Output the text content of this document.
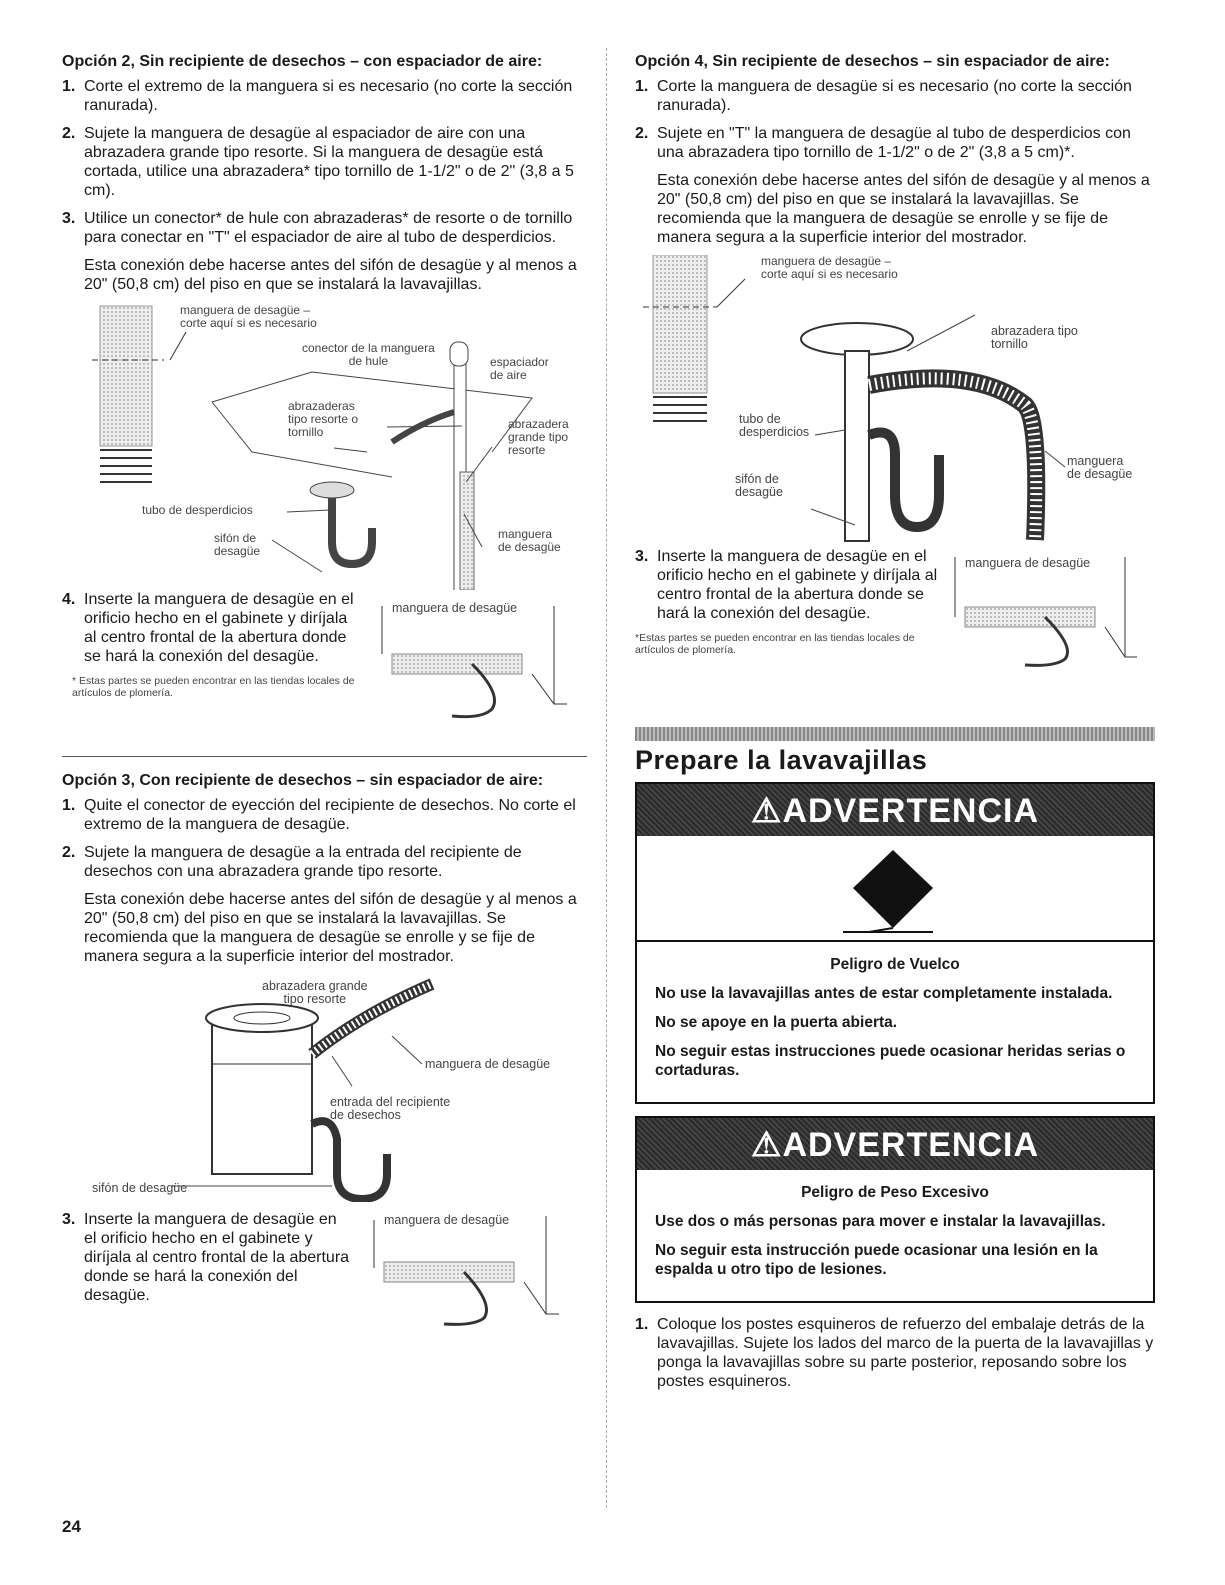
Opción 2, Sin recipiente de desechos – con espaciador de aire:
1. Corte el extremo de la manguera si es necesario (no corte la sección ranurada).
2. Sujete la manguera de desagüe al espaciador de aire con una abrazadera grande tipo resorte. Si la manguera de desagüe está cortada, utilice una abrazadera* tipo tornillo de 1-1/2" o de 2" (3,8 a 5 cm).
3. Utilice un conector* de hule con abrazaderas* de resorte o de tornillo para conectar en "T" el espaciador de aire al tubo de desperdicios.

Esta conexión debe hacerse antes del sifón de desagüe y al menos a 20" (50,8 cm) del piso en que se instalará la lavavajillas.

manguera de desagüe –
corte aquí si es necesario
conector de la manguera
de hule	espaciador
de aire
abrazaderas
tipo resorte o
tornillo
abrazadera
grande tipo
resorte
tubo de desperdicios
sifón de
desagüe
manguera
de desagüe
4. Inserte la manguera de desagüe en el orificio hecho en el gabinete y diríjala al centro frontal de la abertura donde se hará la conexión del desagüe.
* Estas partes se pueden encontrar en las tiendas locales de artículos de plomería.
manguera de desagüe
Opción 3, Con recipiente de desechos – sin espaciador de aire:
1. Quite el conector de eyección del recipiente de desechos. No corte el extremo de la manguera de desagüe.
2. Sujete la manguera de desagüe a la entrada del recipiente de desechos con una abrazadera grande tipo resorte.

Esta conexión debe hacerse antes del sifón de desagüe y al menos a 20" (50,8 cm) del piso en que se instalará la lavavajillas. Se recomienda que la manguera de desagüe se enrolle y se fije de manera segura a la superficie interior del mostrador.

abrazadera grande
tipo resorte
manguera de desagüe
entrada del recipiente
de desechos
sifón de desagüe
3. Inserte la manguera de desagüe en el orificio hecho en el gabinete y diríjala al centro frontal de la abertura donde se hará la conexión del desagüe.
manguera de desagüe
Opción 4, Sin recipiente de desechos – sin espaciador de aire:
1. Corte la manguera de desagüe si es necesario (no corte la sección ranurada).
2. Sujete en "T" la manguera de desagüe al tubo de desperdicios con una abrazadera tipo tornillo de 1-1/2" o de 2" (3,8 a 5 cm)*.

Esta conexión debe hacerse antes del sifón de desagüe y al menos a 20" (50,8 cm) del piso en que se instalará la lavavajillas. Se recomienda que la manguera de desagüe se enrolle y se fije de manera segura a la superficie interior del mostrador.

manguera de desagüe –
corte aquí si es necesario
abrazadera tipo
tornillo
tubo de
desperdicios
manguera
de desagüe
sifón de
desagüe
3. Inserte la manguera de desagüe en el orificio hecho en el gabinete y diríjala al centro frontal de la abertura donde se hará la conexión del desagüe.
*Estas partes se pueden encontrar en las tiendas locales de artículos de plomería.
manguera de desagüe
Prepare la lavavajillas
⚠ADVERTENCIA
Peligro de Vuelco

No use la lavavajillas antes de estar completamente instalada.

No se apoye en la puerta abierta.

No seguir estas instrucciones puede ocasionar heridas serias o cortaduras.

⚠ADVERTENCIA
Peligro de Peso Excesivo

Use dos o más personas para mover e instalar la lavavajillas.

No seguir esta instrucción puede ocasionar una lesión en la espalda u otro tipo de lesiones.

1. Coloque los postes esquineros de refuerzo del embalaje detrás de la lavavajillas. Sujete los lados del marco de la puerta de la lavavajillas y ponga la lavavajillas sobre su parte posterior, reposando sobre los postes esquineros.
24
